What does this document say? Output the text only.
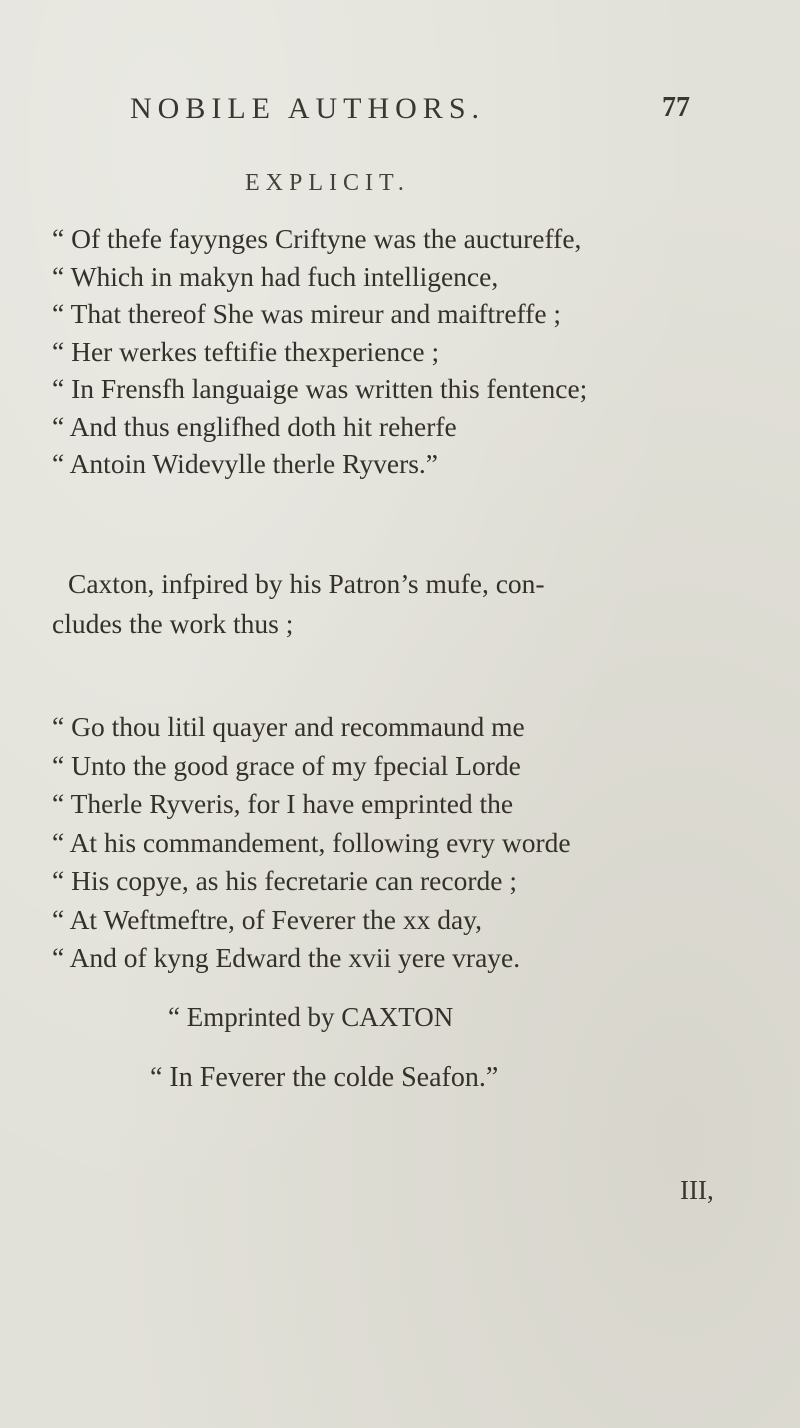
NOBILE AUTHORS.	77
EXPLICIT.
“ Of thefe fayynges Criftyne was the auctureffe,
“ Which in makyn had fuch intelligence,
“ That thereof She was mireur and maiftreffe ;
“ Her werkes teftifie thexperience ;
“ In Frensfh languaige was written this fentence;
“ And thus englifhed doth hit reherfe
“ Antoin Widevylle therle Ryvers.”
Caxton, infpired by his Patron’s mufe, con-
cludes the work thus ;
“ Go thou litil quayer and recommaund me
“ Unto the good grace of my fpecial Lorde
“ Therle Ryveris, for I have emprinted the
“ At his commandement, following evry worde
“ His copye, as his fecretarie can recorde ;
“ At Weftmeftre, of Feverer the xx day,
“ And of kyng Edward the xvii yere vraye.
“ Emprinted by CAXTON
“ In Feverer the colde Seafon.”
III,
